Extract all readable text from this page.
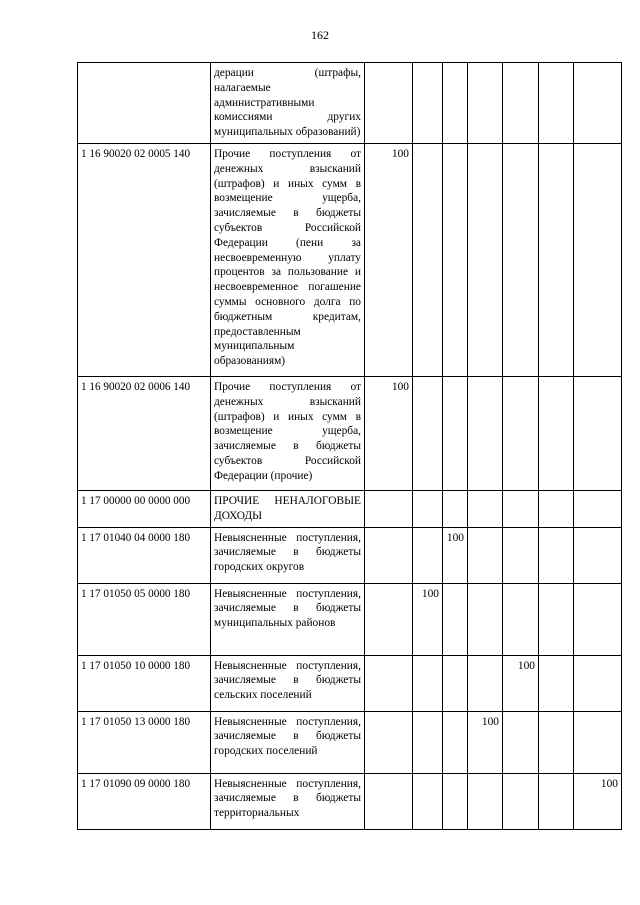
162
	дерации (штрафы, налагаемые административными комиссиями других муниципальных образований)							
1 16 90020 02 0005 140	Прочие поступления от денежных взысканий (штрафов) и иных сумм в возмещение ущерба, зачисляемые в бюджеты субъектов Российской Федерации (пени за несвоевременную уплату процентов за пользование и несвоевременное погашение суммы основного долга по бюджетным кредитам, предоставленным муниципальным образованиям)	100						
1 16 90020 02 0006 140	Прочие поступления от денежных взысканий (штрафов) и иных сумм в возмещение ущерба, зачисляемые в бюджеты субъектов Российской Федерации (прочие)	100						
1 17 00000 00 0000 000	ПРОЧИЕ НЕНАЛОГОВЫЕ ДОХОДЫ							
1 17 01040 04 0000 180	Невыясненные поступления, зачисляемые в бюджеты городских округов			100				
1 17 01050 05 0000 180	Невыясненные поступления, зачисляемые в бюджеты муниципальных районов		100					
1 17 01050 10 0000 180	Невыясненные поступления, зачисляемые в бюджеты сельских поселений					100		
1 17 01050 13 0000 180	Невыясненные поступления, зачисляемые в бюджеты городских поселений				100			
1 17 01090 09 0000 180	Невыясненные поступления, зачисляемые в бюджеты территориальных							100
